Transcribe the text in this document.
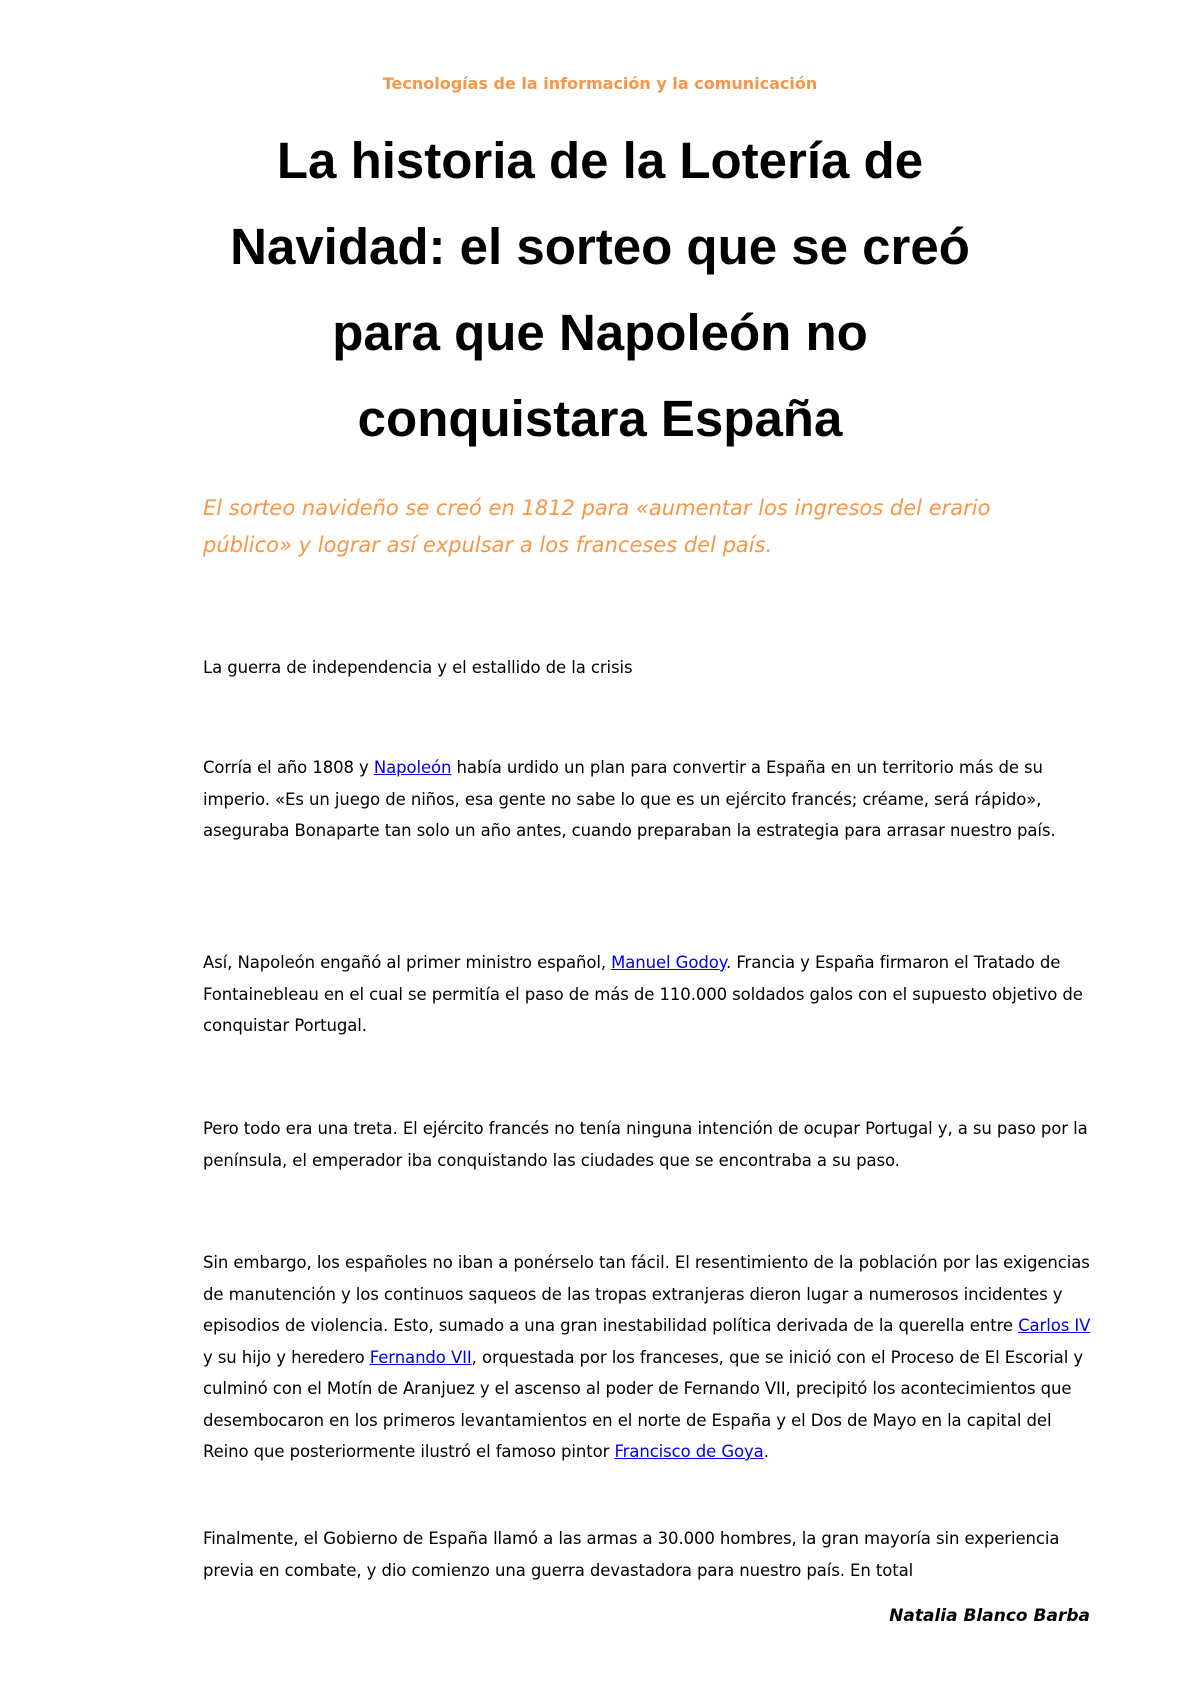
Tecnologías de la información y la comunicación
La historia de la Lotería de Navidad: el sorteo que se creó para que Napoleón no conquistara España

El sorteo navideño se creó en 1812 para «aumentar los ingresos del erario público» y lograr así expulsar a los franceses del país.

La guerra de independencia y el estallido de la crisis

Corría el año 1808 y Napoleón había urdido un plan para convertir a España en un territorio más de su imperio. «Es un juego de niños, esa gente no sabe lo que es un ejército francés; créame, será rápido», aseguraba Bonaparte tan solo un año antes, cuando preparaban la estrategia para arrasar nuestro país.

Así, Napoleón engañó al primer ministro español, Manuel Godoy. Francia y España firmaron el Tratado de Fontainebleau en el cual se permitía el paso de más de 110.000 soldados galos con el supuesto objetivo de conquistar Portugal.

Pero todo era una treta. El ejército francés no tenía ninguna intención de ocupar Portugal y, a su paso por la península, el emperador iba conquistando las ciudades que se encontraba a su paso.

Sin embargo, los españoles no iban a ponérselo tan fácil. El resentimiento de la población por las exigencias de manutención y los continuos saqueos de las tropas extranjeras dieron lugar a numerosos incidentes y episodios de violencia. Esto, sumado a una gran inestabilidad política derivada de la querella entre Carlos IV y su hijo y heredero Fernando VII, orquestada por los franceses, que se inició con el Proceso de El Escorial y culminó con el Motín de Aranjuez y el ascenso al poder de Fernando VII, precipitó los acontecimientos que desembocaron en los primeros levantamientos en el norte de España y el Dos de Mayo en la capital del Reino que posteriormente ilustró el famoso pintor Francisco de Goya.

Finalmente, el Gobierno de España llamó a las armas a 30.000 hombres, la gran mayoría sin experiencia previa en combate, y dio comienzo una guerra devastadora para nuestro país. En total

Natalia Blanco Barba
